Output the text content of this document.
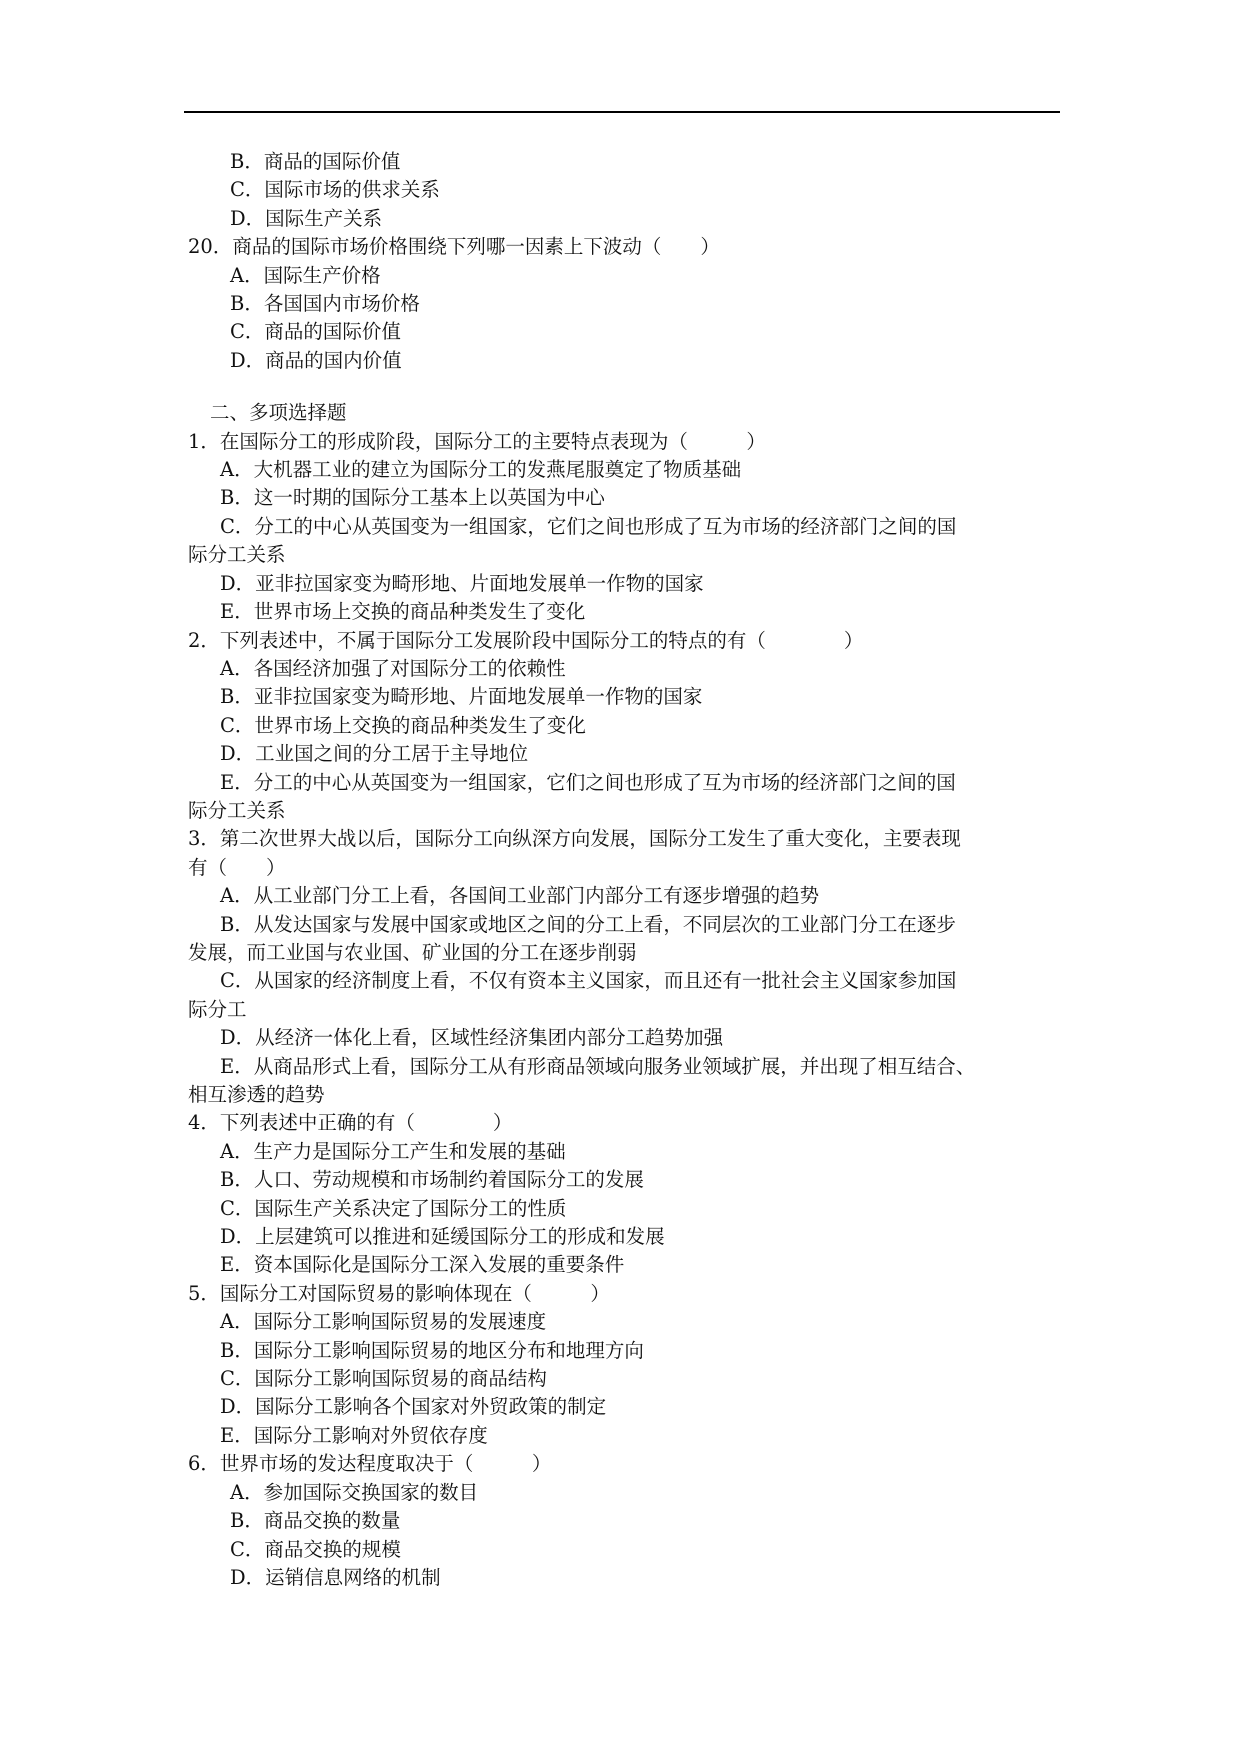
B．商品的国际价值
C．国际市场的供求关系
D．国际生产关系
20．商品的国际市场价格围绕下列哪一因素上下波动（　　）
A．国际生产价格
B．各国国内市场价格
C．商品的国际价值
D．商品的国内价值
二、多项选择题
1．在国际分工的形成阶段，国际分工的主要特点表现为（　　　）
A．大机器工业的建立为国际分工的发燕尾服奠定了物质基础
B．这一时期的国际分工基本上以英国为中心
C．分工的中心从英国变为一组国家，它们之间也形成了互为市场的经济部门之间的国
际分工关系
D．亚非拉国家变为畸形地、片面地发展单一作物的国家
E．世界市场上交换的商品种类发生了变化
2．下列表述中，不属于国际分工发展阶段中国际分工的特点的有（　　　　）
A．各国经济加强了对国际分工的依赖性
B．亚非拉国家变为畸形地、片面地发展单一作物的国家
C．世界市场上交换的商品种类发生了变化
D．工业国之间的分工居于主导地位
E．分工的中心从英国变为一组国家，它们之间也形成了互为市场的经济部门之间的国
际分工关系
3．第二次世界大战以后，国际分工向纵深方向发展，国际分工发生了重大变化，主要表现
有（　　）
A．从工业部门分工上看，各国间工业部门内部分工有逐步增强的趋势
B．从发达国家与发展中国家或地区之间的分工上看，不同层次的工业部门分工在逐步
发展，而工业国与农业国、矿业国的分工在逐步削弱
C．从国家的经济制度上看，不仅有资本主义国家，而且还有一批社会主义国家参加国
际分工
D．从经济一体化上看，区域性经济集团内部分工趋势加强
E．从商品形式上看，国际分工从有形商品领域向服务业领域扩展，并出现了相互结合、
相互渗透的趋势
4．下列表述中正确的有（　　　　）
A．生产力是国际分工产生和发展的基础
B．人口、劳动规模和市场制约着国际分工的发展
C．国际生产关系决定了国际分工的性质
D．上层建筑可以推进和延缓国际分工的形成和发展
E．资本国际化是国际分工深入发展的重要条件
5．国际分工对国际贸易的影响体现在（　　　）
A．国际分工影响国际贸易的发展速度
B．国际分工影响国际贸易的地区分布和地理方向
C．国际分工影响国际贸易的商品结构
D．国际分工影响各个国家对外贸政策的制定
E．国际分工影响对外贸依存度
6．世界市场的发达程度取决于（　　　）
A．参加国际交换国家的数目
B．商品交换的数量
C．商品交换的规模
D．运销信息网络的机制
